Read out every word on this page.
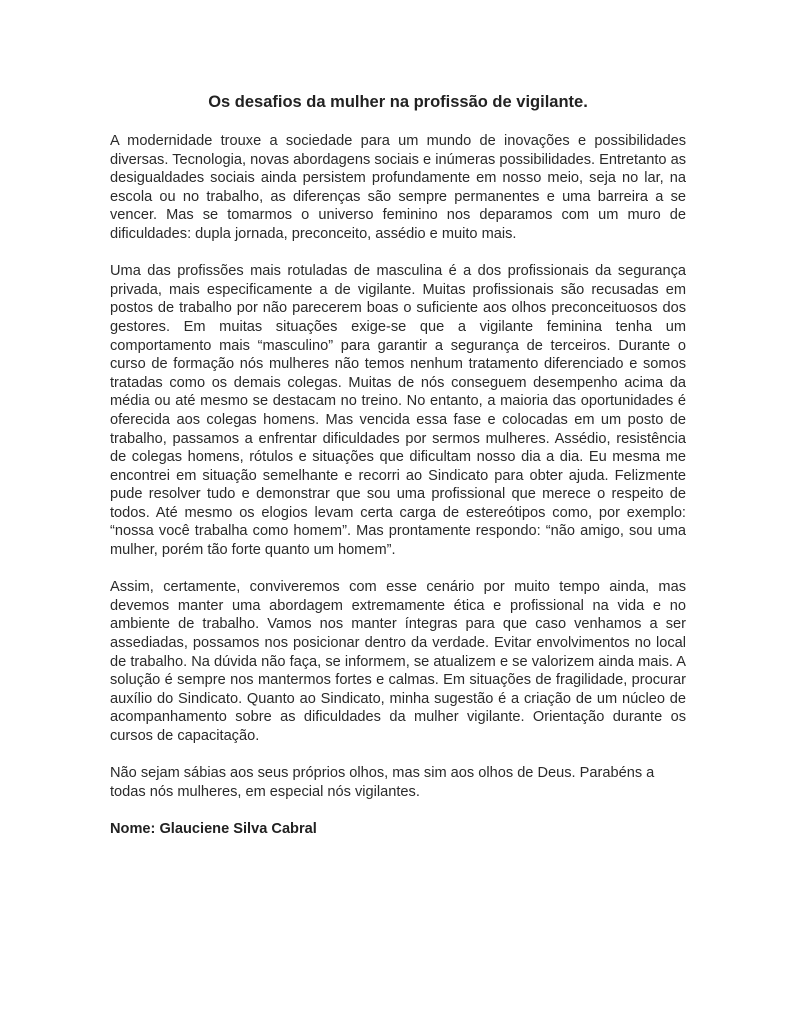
Os desafios da mulher na profissão de vigilante.

A modernidade trouxe a sociedade para um mundo de inovações e possibilidades diversas. Tecnologia, novas abordagens sociais e inúmeras possibilidades. Entretanto as desigualdades sociais ainda persistem profundamente em nosso meio, seja no lar, na escola ou no trabalho, as diferenças são sempre permanentes e uma barreira a se vencer. Mas se tomarmos o universo feminino nos deparamos com um muro de dificuldades: dupla jornada, preconceito, assédio e muito mais.

Uma das profissões mais rotuladas de masculina é a dos profissionais da segurança privada, mais especificamente a de vigilante. Muitas profissionais são recusadas em postos de trabalho por não parecerem boas o suficiente aos olhos preconceituosos dos gestores. Em muitas situações exige-se que a vigilante feminina tenha um comportamento mais “masculino” para garantir a segurança de terceiros. Durante o curso de formação nós mulheres não temos nenhum tratamento diferenciado e somos tratadas como os demais colegas. Muitas de nós conseguem desempenho acima da média ou até mesmo se destacam no treino. No entanto, a maioria das oportunidades é oferecida aos colegas homens. Mas vencida essa fase e colocadas em um posto de trabalho, passamos a enfrentar dificuldades por sermos mulheres. Assédio, resistência de colegas homens, rótulos e situações que dificultam nosso dia a dia. Eu mesma me encontrei em situação semelhante e recorri ao Sindicato para obter ajuda. Felizmente pude resolver tudo e demonstrar que sou uma profissional que merece o respeito de todos. Até mesmo os elogios levam certa carga de estereótipos como, por exemplo: “nossa você trabalha como homem”. Mas prontamente respondo: “não amigo, sou uma mulher, porém tão forte quanto um homem”.

Assim, certamente, conviveremos com esse cenário por muito tempo ainda, mas devemos manter uma abordagem extremamente ética e profissional na vida e no ambiente de trabalho. Vamos nos manter íntegras para que caso venhamos a ser assediadas, possamos nos posicionar dentro da verdade. Evitar envolvimentos no local de trabalho. Na dúvida não faça, se informem, se atualizem e se valorizem ainda mais. A solução é sempre nos mantermos fortes e calmas. Em situações de fragilidade, procurar auxílio do Sindicato. Quanto ao Sindicato, minha sugestão é a criação de um núcleo de acompanhamento sobre as dificuldades da mulher vigilante. Orientação durante os cursos de capacitação.

Não sejam sábias aos seus próprios olhos, mas sim aos olhos de Deus. Parabéns a todas nós mulheres, em especial nós vigilantes.

Nome: Glauciene Silva Cabral
